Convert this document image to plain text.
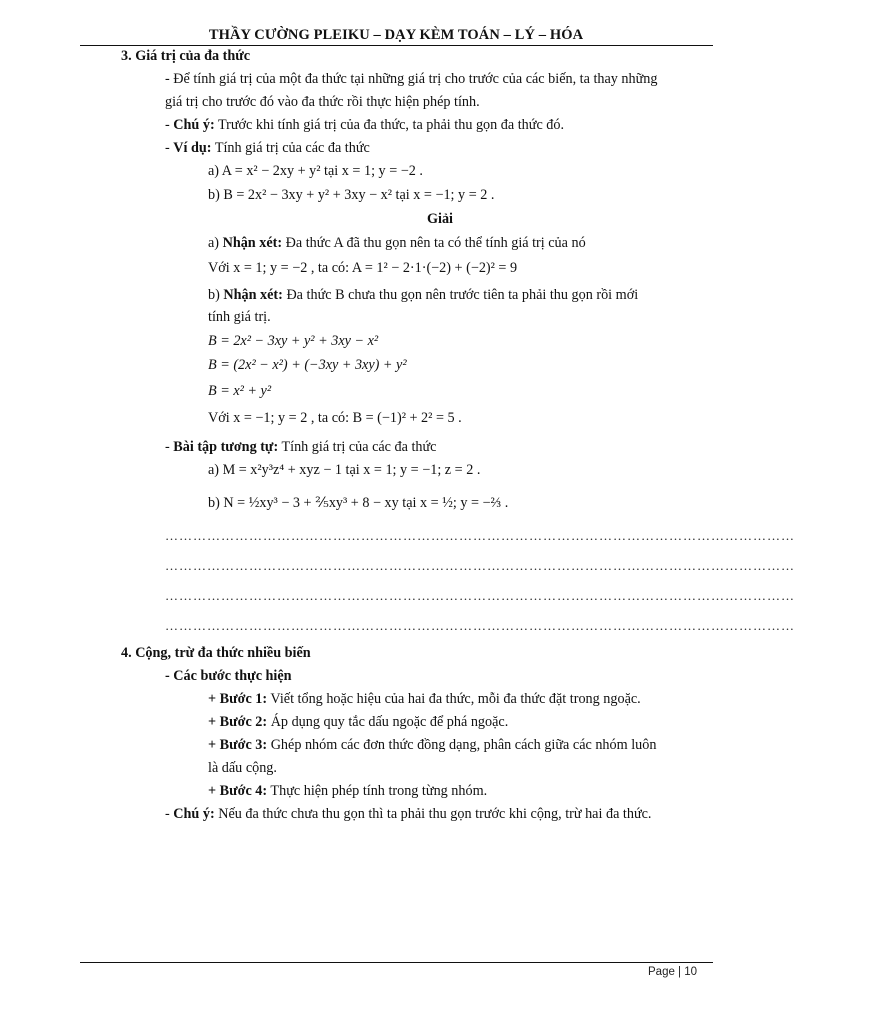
THẦY CƯỜNG PLEIKU – DẠY KÈM TOÁN – LÝ – HÓA
3. Giá trị của đa thức
- Để tính giá trị của một đa thức tại những giá trị cho trước của các biến, ta thay những
giá trị cho trước đó vào đa thức rồi thực hiện phép tính.
- Chú ý: Trước khi tính giá trị của đa thức, ta phải thu gọn đa thức đó.
- Ví dụ: Tính giá trị của các đa thức
a) A = x² − 2xy + y² tại x = 1; y = −2 .
b) B = 2x² − 3xy + y² + 3xy − x² tại x = −1; y = 2 .
Giải
a) Nhận xét: Đa thức A đã thu gọn nên ta có thể tính giá trị của nó
Với x = 1; y = −2 , ta có: A = 1² − 2·1·(−2) + (−2)² = 9
b) Nhận xét: Đa thức B chưa thu gọn nên trước tiên ta phải thu gọn rồi mới
tính giá trị.
B = 2x² − 3xy + y² + 3xy − x²
B = (2x² − x²) + (−3xy + 3xy) + y²
B = x² + y²
Với x = −1; y = 2 , ta có: B = (−1)² + 2² = 5 .
- Bài tập tương tự: Tính giá trị của các đa thức
a) M = x²y³z⁴ + xyz − 1 tại x = 1; y = −1; z = 2 .
b) N = ½xy³ − 3 + ⅖xy³ + 8 − xy tại x = ½; y = −⅔ .
………………………………………………………………………………………………………………………
………………………………………………………………………………………………………………………
………………………………………………………………………………………………………………………
………………………………………………………………………………………………………………………
4. Cộng, trừ đa thức nhiều biến
- Các bước thực hiện
+ Bước 1: Viết tổng hoặc hiệu của hai đa thức, mỗi đa thức đặt trong ngoặc.
+ Bước 2: Áp dụng quy tắc dấu ngoặc để phá ngoặc.
+ Bước 3: Ghép nhóm các đơn thức đồng dạng, phân cách giữa các nhóm luôn
là dấu cộng.
+ Bước 4: Thực hiện phép tính trong từng nhóm.
- Chú ý: Nếu đa thức chưa thu gọn thì ta phải thu gọn trước khi cộng, trừ hai đa thức.
Page | 10
